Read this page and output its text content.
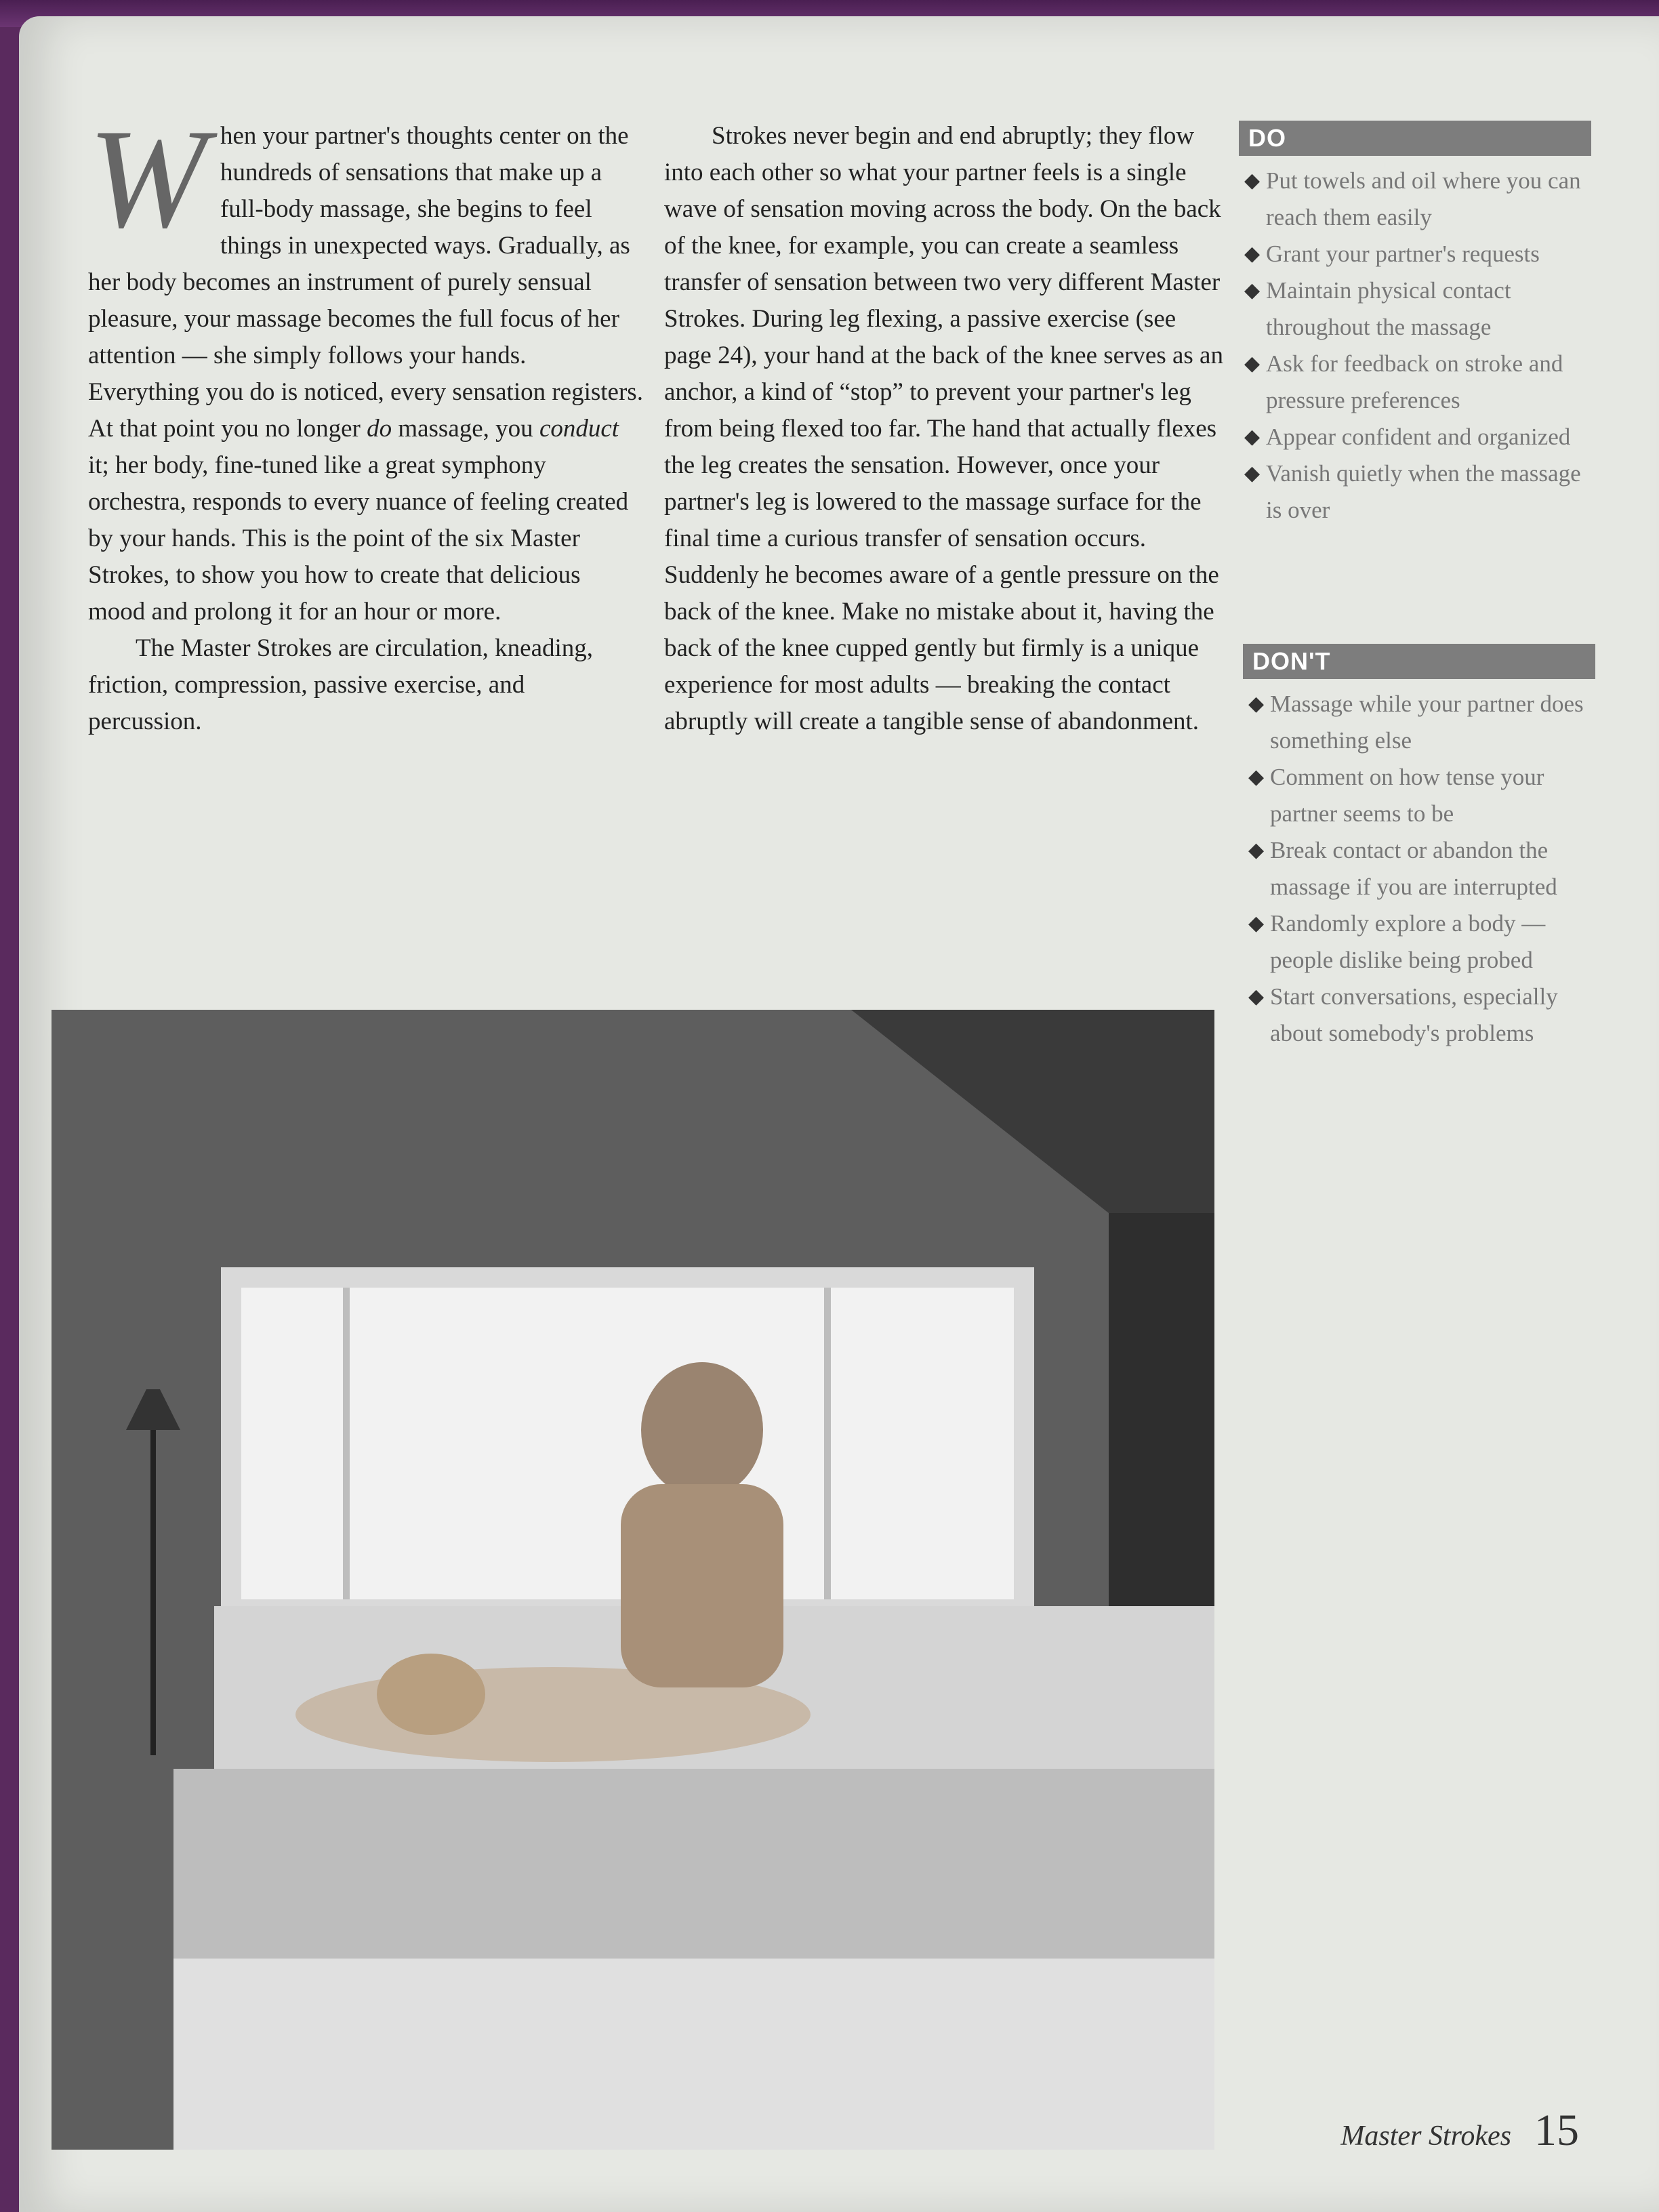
When your partner's thoughts center on the hundreds of sensations that make up a full-body massage, she begins to feel things in unexpected ways. Gradually, as her body becomes an instrument of purely sensual pleasure, your massage becomes the full focus of her attention — she simply follows your hands. Everything you do is noticed, every sensation registers. At that point you no longer do massage, you conduct it; her body, fine-tuned like a great symphony orchestra, responds to every nuance of feeling created by your hands. This is the point of the six Master Strokes, to show you how to create that delicious mood and prolong it for an hour or more.

The Master Strokes are circulation, kneading, friction, compression, passive exercise, and percussion.

Strokes never begin and end abruptly; they flow into each other so what your partner feels is a single wave of sensation moving across the body. On the back of the knee, for example, you can create a seamless transfer of sensation between two very different Master Strokes. During leg flexing, a passive exercise (see page 24), your hand at the back of the knee serves as an anchor, a kind of “stop” to prevent your partner's leg from being flexed too far. The hand that actually flexes the leg creates the sensation. However, once your partner's leg is lowered to the massage surface for the final time a curious transfer of sensation occurs. Suddenly he becomes aware of a gentle pressure on the back of the knee. Make no mistake about it, having the back of the knee cupped gently but firmly is a unique experience for most adults — breaking the contact abruptly will create a tangible sense of abandonment.

DO
◆ Put towels and oil where you can reach them easily
◆ Grant your partner's requests
◆ Maintain physical contact throughout the massage
◆ Ask for feedback on stroke and pressure preferences
◆ Appear confident and organized
◆ Vanish quietly when the massage is over
DON'T
◆ Massage while your partner does something else
◆ Comment on how tense your partner seems to be
◆ Break contact or abandon the massage if you are interrupted
◆ Randomly explore a body — people dislike being probed
◆ Start conversations, especially about somebody's problems
Master Strokes 15
